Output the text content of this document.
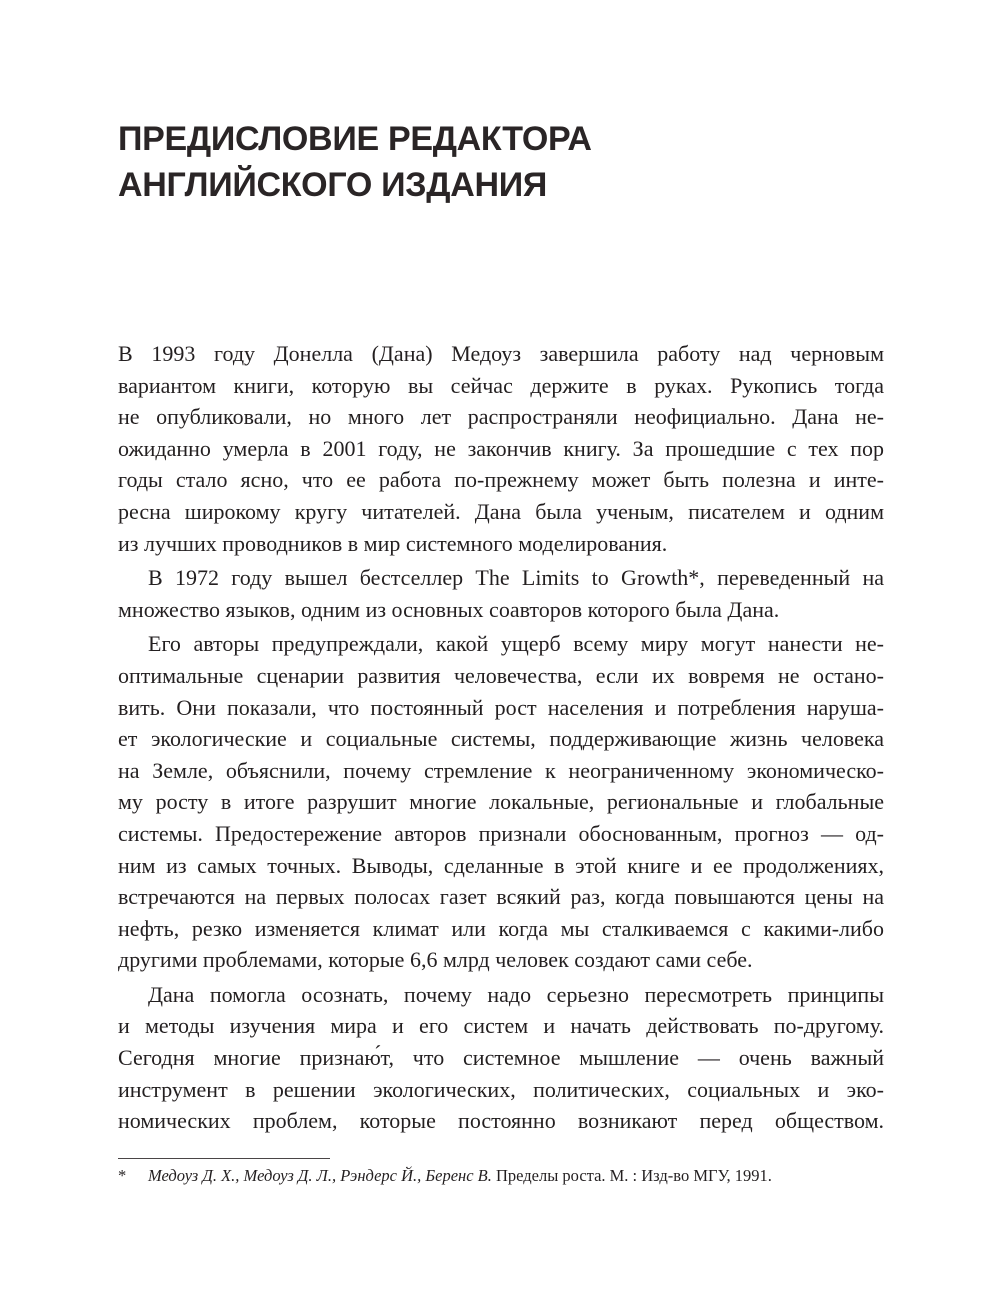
ПРЕДИСЛОВИЕ РЕДАКТОРА
АНГЛИЙСКОГО ИЗДАНИЯ
В 1993 году Донелла (Дана) Медоуз завершила работу над черновым
вариантом книги, которую вы сейчас держите в руках. Рукопись тогда
не опубликовали, но много лет распространяли неофициально. Дана не-
ожиданно умерла в 2001 году, не закончив книгу. За прошедшие с тех пор
годы стало ясно, что ее работа по-прежнему может быть полезна и инте-
ресна широкому кругу читателей. Дана была ученым, писателем и одним
из лучших проводников в мир системного моделирования.
В 1972 году вышел бестселлер The Limits to Growth*, переведенный на
множество языков, одним из основных соавторов которого была Дана.
Его авторы предупреждали, какой ущерб всему миру могут нанести не-
оптимальные сценарии развития человечества, если их вовремя не остано-
вить. Они показали, что постоянный рост населения и потребления наруша-
ет экологические и социальные системы, поддерживающие жизнь человека
на Земле, объяснили, почему стремление к неограниченному экономическо-
му росту в итоге разрушит многие локальные, региональные и глобальные
системы. Предостережение авторов признали обоснованным, прогноз — од-
ним из самых точных. Выводы, сделанные в этой книге и ее продолжениях,
встречаются на первых полосах газет всякий раз, когда повышаются цены на
нефть, резко изменяется климат или когда мы сталкиваемся с какими-либо
другими проблемами, которые 6,6 млрд человек создают сами себе.
Дана помогла осознать, почему надо серьезно пересмотреть принципы
и методы изучения мира и его систем и начать действовать по-другому.
Сегодня многие признаю́т, что системное мышление — очень важный
инструмент в решении экологических, политических, социальных и эко-
номических проблем, которые постоянно возникают перед обществом.
* Медоуз Д. Х., Медоуз Д. Л., Рэндерс Й., Беренс В. Пределы роста. М. : Изд-во МГУ, 1991.
